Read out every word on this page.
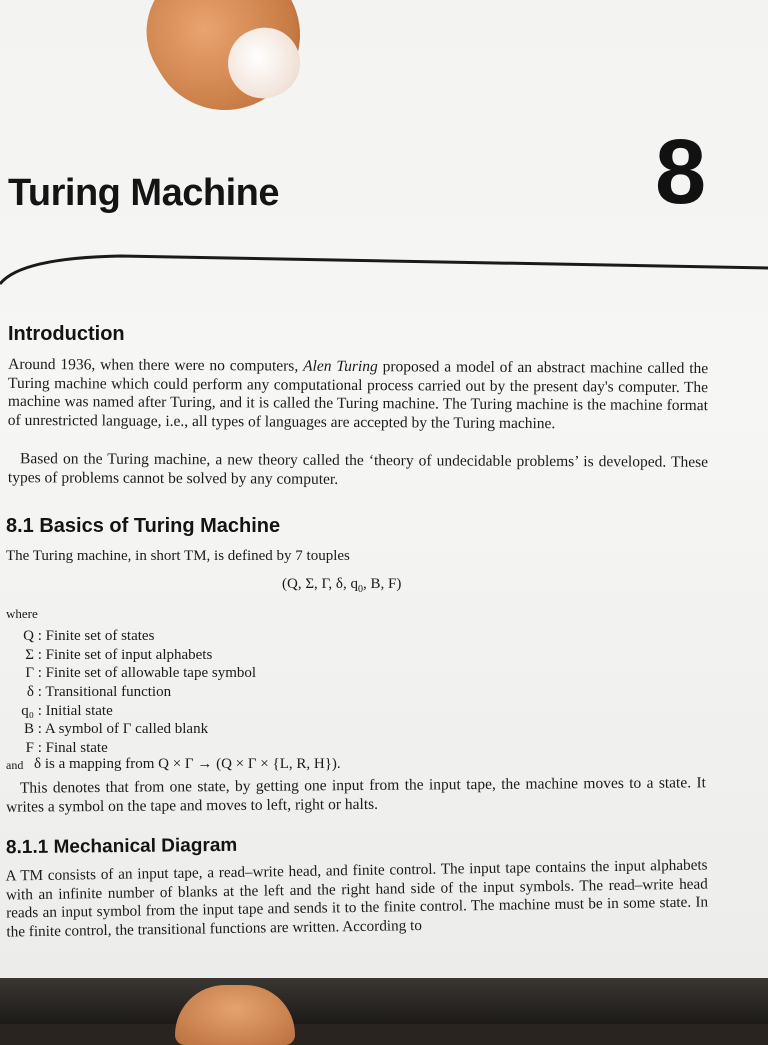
Turing Machine	8
Introduction
Around 1936, when there were no computers, Alen Turing proposed a model of an abstract machine called the Turing machine which could perform any computational process carried out by the present day's computer. The machine was named after Turing, and it is called the Turing machine. The Turing machine is the machine format of unrestricted language, i.e., all types of languages are accepted by the Turing machine.
Based on the Turing machine, a new theory called the ‘theory of undecidable problems’ is developed. These types of problems cannot be solved by any computer.
8.1 Basics of Turing Machine
The Turing machine, in short TM, is defined by 7 touples
(Q, Σ, Γ, δ, $q_0$, B, F)
where
Q : Finite set of states
Σ : Finite set of input alphabets
Γ : Finite set of allowable tape symbol
δ : Transitional function
q₀ : Initial state
B : A symbol of Γ called blank
F : Final state
and δ is a mapping from Q × Γ → (Q × Γ × {L, R, H}).
This denotes that from one state, by getting one input from the input tape, the machine moves to a state. It writes a symbol on the tape and moves to left, right or halts.
8.1.1 Mechanical Diagram
A TM consists of an input tape, a read–write head, and finite control. The input tape contains the input alphabets with an infinite number of blanks at the left and the right hand side of the input symbols. The read–write head reads an input symbol from the input tape and sends it to the finite control. The machine must be in some state. In the finite control, the transitional functions are written. According to
